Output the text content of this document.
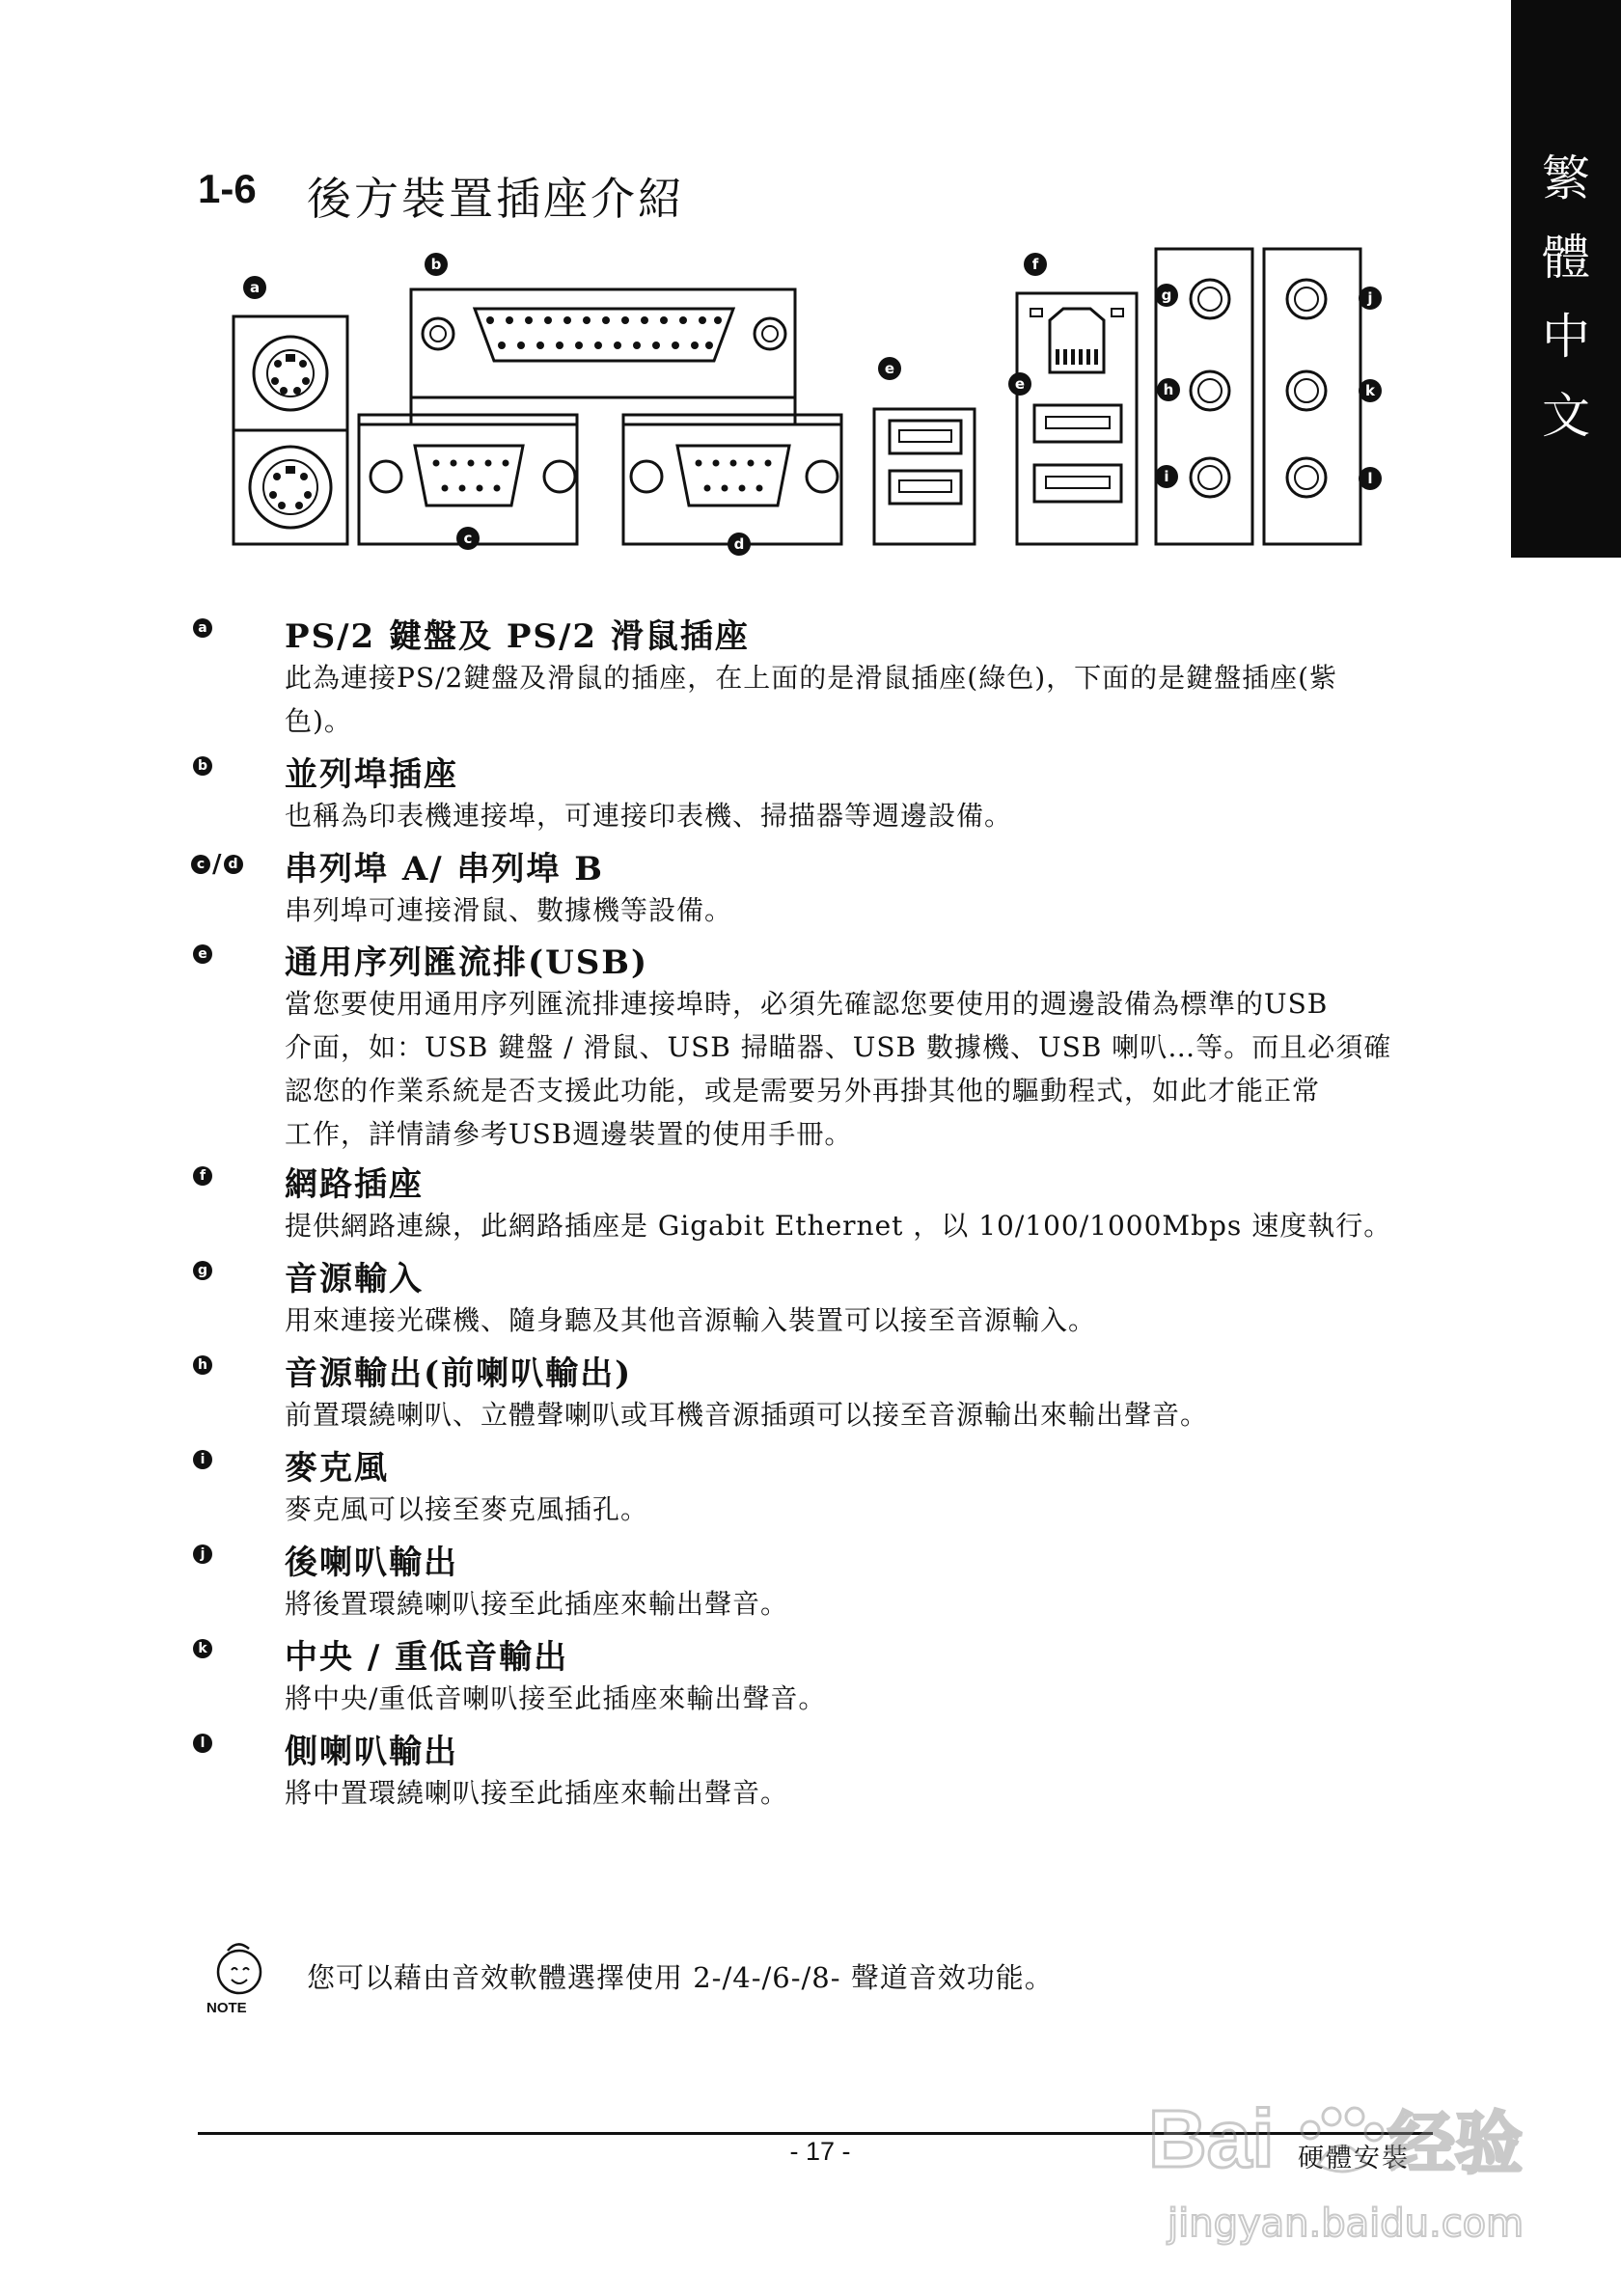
繁
體
中
文
1-6 後方裝置插座介紹
a
b
c	d
e
e
f
g
h
i
j
k
l
a PS/2 鍵盤及 PS/2 滑鼠插座
此為連接PS/2鍵盤及滑鼠的插座，在上面的是滑鼠插座(綠色)，下面的是鍵盤插座(紫
色)。
b 並列埠插座
也稱為印表機連接埠，可連接印表機、掃描器等週邊設備。
c / d 串列埠 A/ 串列埠 B
串列埠可連接滑鼠、數據機等設備。
e 通用序列匯流排(USB)
當您要使用通用序列匯流排連接埠時，必須先確認您要使用的週邊設備為標準的USB
介面，如：USB 鍵盤 / 滑鼠、USB 掃瞄器、USB 數據機、USB 喇叭…等。而且必須確
認您的作業系統是否支援此功能，或是需要另外再掛其他的驅動程式，如此才能正常
工作，詳情請參考USB週邊裝置的使用手冊。
f 網路插座
提供網路連線，此網路插座是 Gigabit Ethernet ，以 10/100/1000Mbps 速度執行。
g 音源輸入
用來連接光碟機、隨身聽及其他音源輸入裝置可以接至音源輸入。
h 音源輸出(前喇叭輸出)
前置環繞喇叭、立體聲喇叭或耳機音源插頭可以接至音源輸出來輸出聲音。
i 麥克風
麥克風可以接至麥克風插孔。
j 後喇叭輸出
將後置環繞喇叭接至此插座來輸出聲音。
k 中央 / 重低音輸出
將中央/重低音喇叭接至此插座來輸出聲音。
l 側喇叭輸出
將中置環繞喇叭接至此插座來輸出聲音。
NOTE
您可以藉由音效軟體選擇使用 2-/4-/6-/8- 聲道音效功能。
- 17 -	硬體安裝
Bai 经验
jingyan.baidu.com
